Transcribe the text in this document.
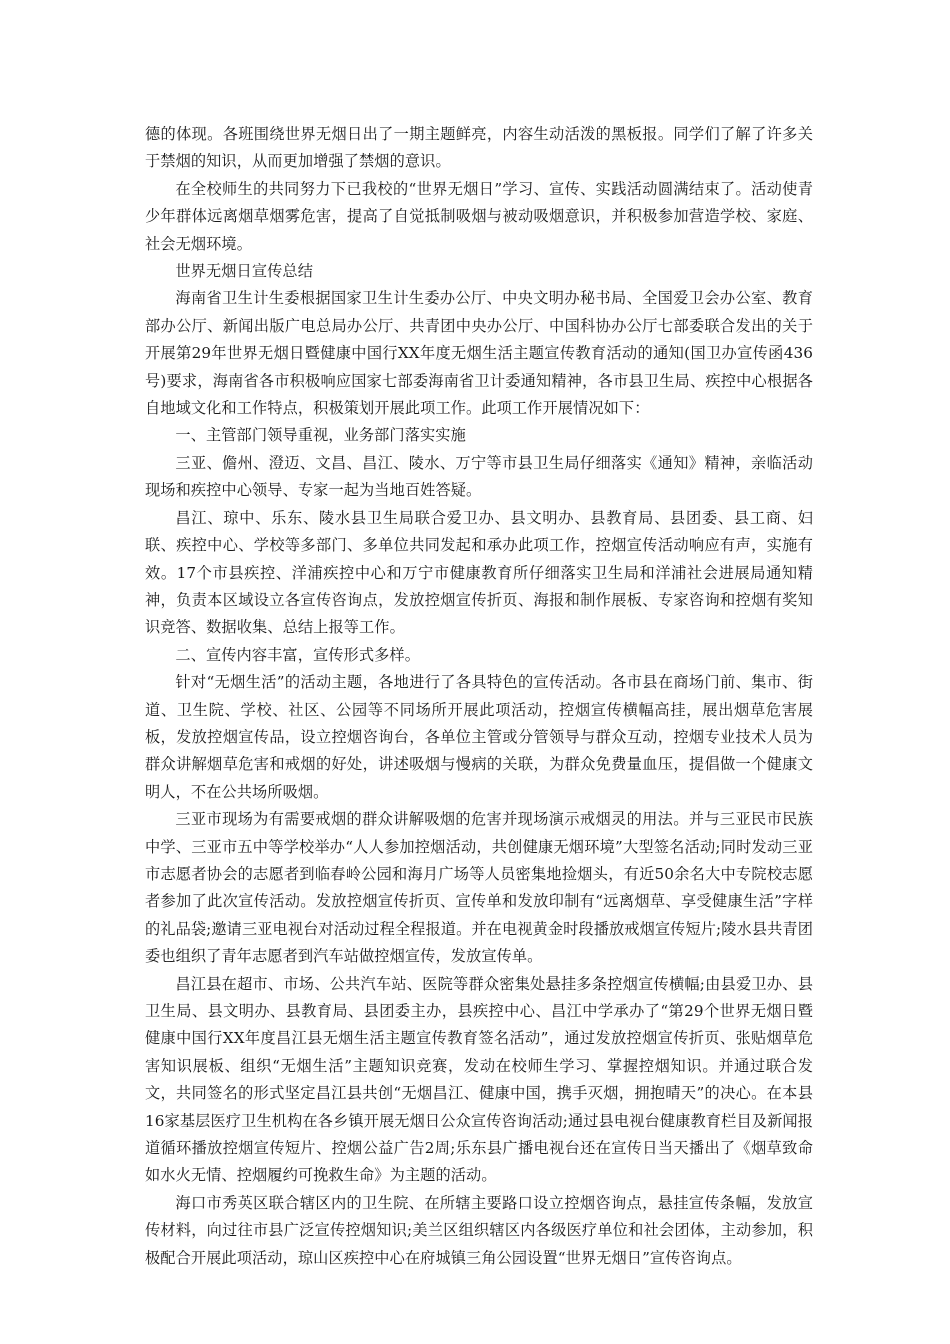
德的体现。各班围绕世界无烟日出了一期主题鲜亮，内容生动活泼的黑板报。同学们了解了许多关于禁烟的知识，从而更加增强了禁烟的意识。

在全校师生的共同努力下已我校的“世界无烟日”学习、宣传、实践活动圆满结束了。活动使青少年群体远离烟草烟雾危害，提高了自觉抵制吸烟与被动吸烟意识，并积极参加营造学校、家庭、社会无烟环境。

世界无烟日宣传总结

海南省卫生计生委根据国家卫生计生委办公厅、中央文明办秘书局、全国爱卫会办公室、教育部办公厅、新闻出版广电总局办公厅、共青团中央办公厅、中国科协办公厅七部委联合发出的关于开展第29年世界无烟日暨健康中国行XX年度无烟生活主题宣传教育活动的通知(国卫办宣传函436号)要求，海南省各市积极响应国家七部委海南省卫计委通知精神，各市县卫生局、疾控中心根据各自地域文化和工作特点，积极策划开展此项工作。此项工作开展情况如下：

一、主管部门领导重视，业务部门落实实施

三亚、儋州、澄迈、文昌、昌江、陵水、万宁等市县卫生局仔细落实《通知》精神，亲临活动现场和疾控中心领导、专家一起为当地百姓答疑。

昌江、琼中、乐东、陵水县卫生局联合爱卫办、县文明办、县教育局、县团委、县工商、妇联、疾控中心、学校等多部门、多单位共同发起和承办此项工作，控烟宣传活动响应有声，实施有效。17个市县疾控、洋浦疾控中心和万宁市健康教育所仔细落实卫生局和洋浦社会进展局通知精神，负责本区域设立各宣传咨询点，发放控烟宣传折页、海报和制作展板、专家咨询和控烟有奖知识竞答、数据收集、总结上报等工作。

二、宣传内容丰富，宣传形式多样。

针对“无烟生活”的活动主题，各地进行了各具特色的宣传活动。各市县在商场门前、集市、街道、卫生院、学校、社区、公园等不同场所开展此项活动，控烟宣传横幅高挂，展出烟草危害展板，发放控烟宣传品，设立控烟咨询台，各单位主管或分管领导与群众互动，控烟专业技术人员为群众讲解烟草危害和戒烟的好处，讲述吸烟与慢病的关联，为群众免费量血压，提倡做一个健康文明人，不在公共场所吸烟。

三亚市现场为有需要戒烟的群众讲解吸烟的危害并现场演示戒烟灵的用法。并与三亚民市民族中学、三亚市五中等学校举办“人人参加控烟活动，共创健康无烟环境”大型签名活动;同时发动三亚市志愿者协会的志愿者到临春岭公园和海月广场等人员密集地捡烟头，有近50余名大中专院校志愿者参加了此次宣传活动。发放控烟宣传折页、宣传单和发放印制有“远离烟草、享受健康生活”字样的礼品袋;邀请三亚电视台对活动过程全程报道。并在电视黄金时段播放戒烟宣传短片;陵水县共青团委也组织了青年志愿者到汽车站做控烟宣传，发放宣传单。

昌江县在超市、市场、公共汽车站、医院等群众密集处悬挂多条控烟宣传横幅;由县爱卫办、县卫生局、县文明办、县教育局、县团委主办，县疾控中心、昌江中学承办了“第29个世界无烟日暨健康中国行XX年度昌江县无烟生活主题宣传教育签名活动”，通过发放控烟宣传折页、张贴烟草危害知识展板、组织“无烟生活”主题知识竞赛，发动在校师生学习、掌握控烟知识。并通过联合发文，共同签名的形式坚定昌江县共创“无烟昌江、健康中国，携手灭烟，拥抱晴天”的决心。在本县16家基层医疗卫生机构在各乡镇开展无烟日公众宣传咨询活动;通过县电视台健康教育栏目及新闻报道循环播放控烟宣传短片、控烟公益广告2周;乐东县广播电视台还在宣传日当天播出了《烟草致命如水火无情、控烟履约可挽救生命》为主题的活动。

海口市秀英区联合辖区内的卫生院、在所辖主要路口设立控烟咨询点，悬挂宣传条幅，发放宣传材料，向过往市县广泛宣传控烟知识;美兰区组织辖区内各级医疗单位和社会团体，主动参加，积极配合开展此项活动，琼山区疾控中心在府城镇三角公园设置“世界无烟日”宣传咨询点。
